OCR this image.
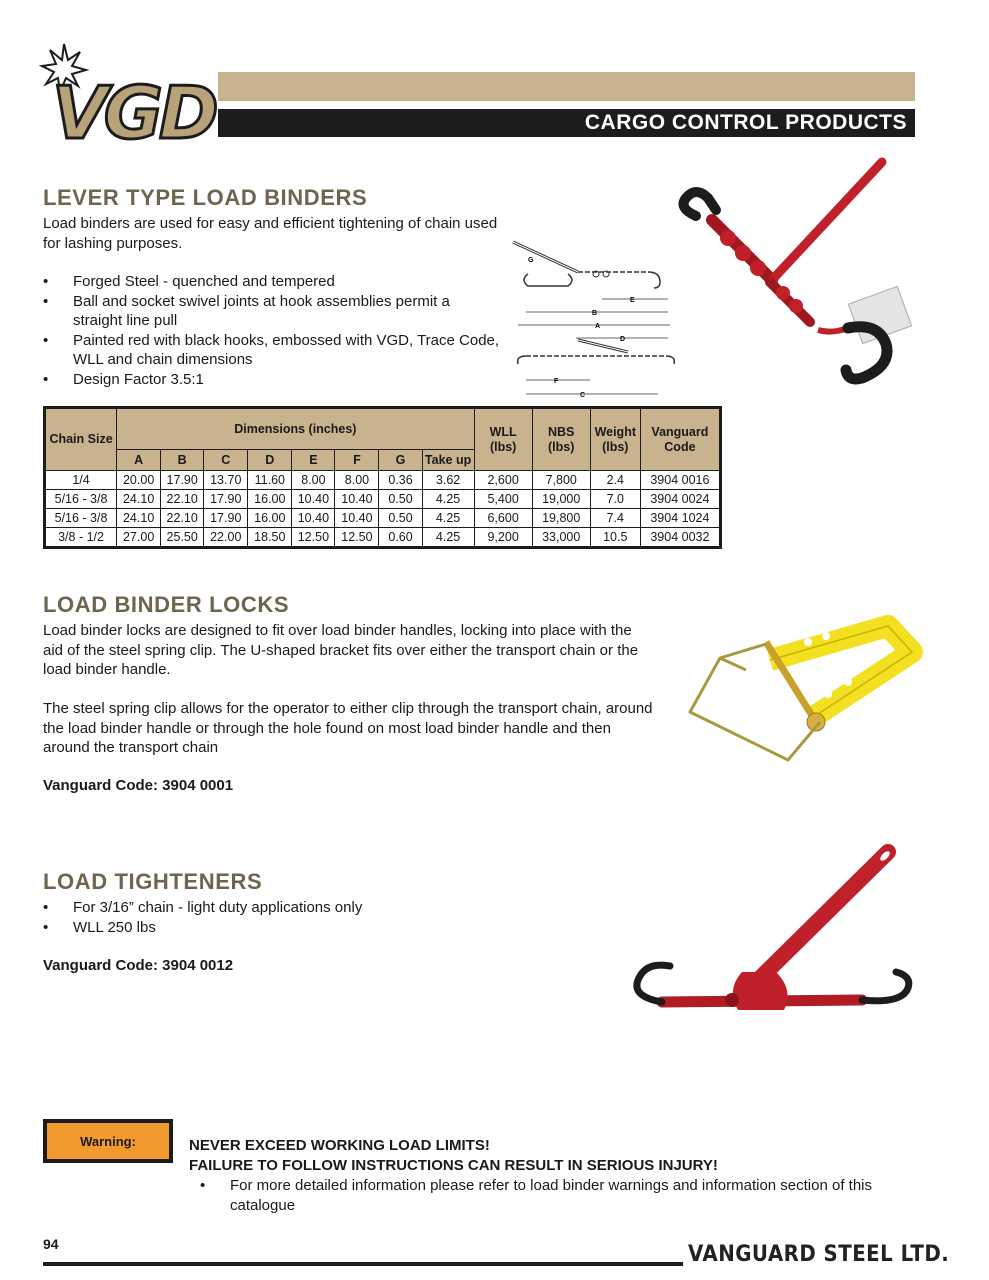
VGD	CARGO CONTROL PRODUCTS
LEVER TYPE LOAD BINDERS

Load binders are used for easy and efficient tightening of chain used for lashing purposes.

• Forged Steel - quenched and tempered
• Ball and socket swivel joints at hook assemblies permit a straight line pull
• Painted red with black hooks, embossed with VGD, Trace Code, WLL and chain dimensions
• Design Factor 3.5:1
G
E
B
A
D
F
C
Chain Size	Dimensions (inches)								WLL (lbs)	NBS (lbs)	Weight (lbs)	Vanguard Code
	A	B	C	D	E	F	G	Take up				
1/4	20.00	17.90	13.70	11.60	8.00	8.00	0.36	3.62	2,600	7,800	2.4	3904 0016
5/16 - 3/8	24.10	22.10	17.90	16.00	10.40	10.40	0.50	4.25	5,400	19,000	7.0	3904 0024
5/16 - 3/8	24.10	22.10	17.90	16.00	10.40	10.40	0.50	4.25	6,600	19,800	7.4	3904 1024
3/8 - 1/2	27.00	25.50	22.00	18.50	12.50	12.50	0.60	4.25	9,200	33,000	10.5	3904 0032
LOAD BINDER LOCKS

Load binder locks are designed to fit over load binder handles, locking into place with the aid of the steel spring clip. The U-shaped bracket fits over either the transport chain or the load binder handle.

The steel spring clip allows for the operator to either clip through the transport chain, around the load binder handle or through the hole found on most load binder handle and then around the transport chain

Vanguard Code: 3904 0001

LOAD TIGHTENERS
• For 3/16” chain - light duty applications only
• WLL 250 lbs

Vanguard Code: 3904 0012

Warning:	NEVER EXCEED WORKING LOAD LIMITS!

FAILURE TO FOLLOW INSTRUCTIONS CAN RESULT IN SERIOUS INJURY!

• For more detailed information please refer to load binder warnings and information section of this catalogue
94	VANGUARD STEEL LTD.
